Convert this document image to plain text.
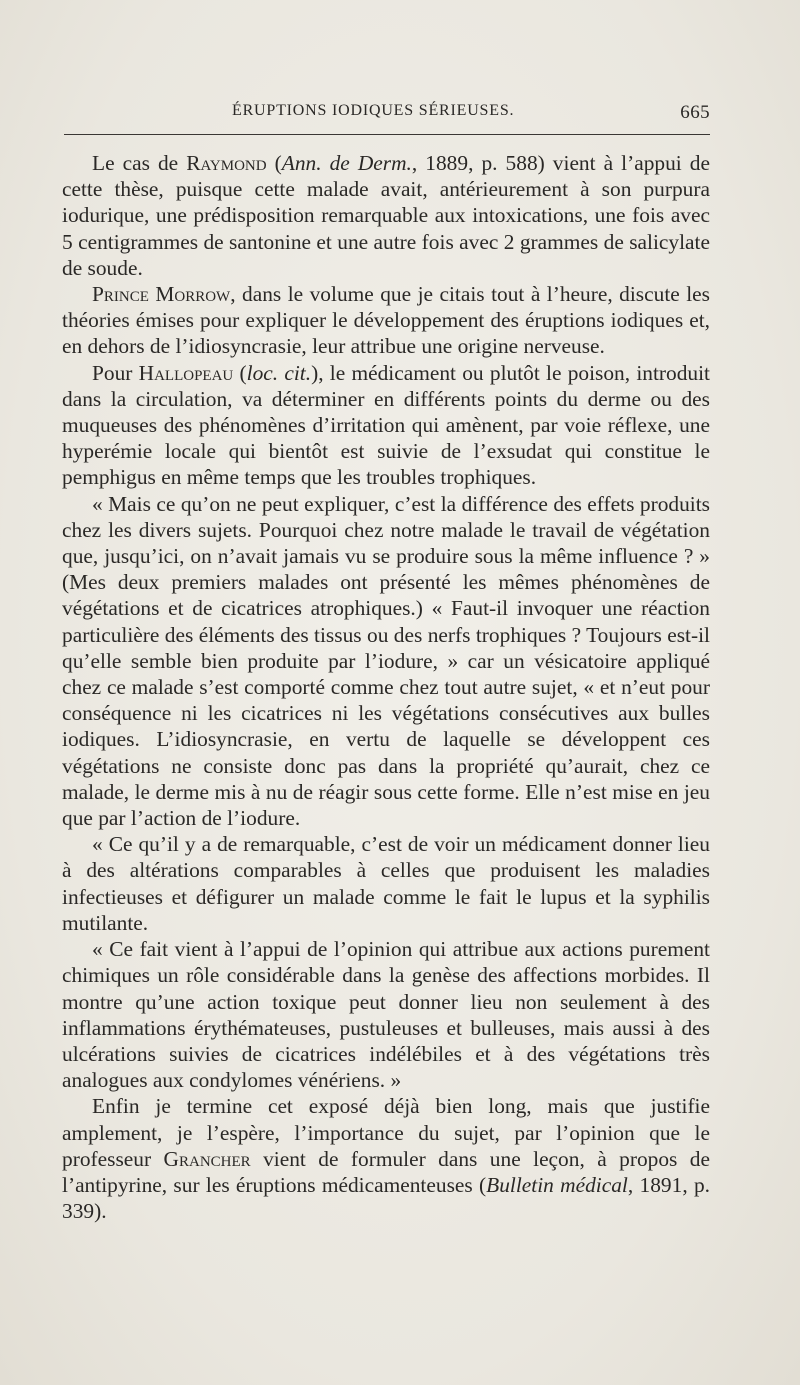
ÉRUPTIONS IODIQUES SÉRIEUSES.	665

Le cas de Raymond (Ann. de Derm., 1889, p. 588) vient à l’appui de cette thèse, puisque cette malade avait, antérieurement à son purpura iodurique, une prédisposition remarquable aux intoxications, une fois avec 5 centigrammes de santonine et une autre fois avec 2 grammes de salicylate de soude.

Prince Morrow, dans le volume que je citais tout à l’heure, discute les théories émises pour expliquer le développement des éruptions iodiques et, en dehors de l’idiosyncrasie, leur attribue une origine nerveuse.

Pour Hallopeau (loc. cit.), le médicament ou plutôt le poison, introduit dans la circulation, va déterminer en différents points du derme ou des muqueuses des phénomènes d’irritation qui amènent, par voie réflexe, une hyperémie locale qui bientôt est suivie de l’exsudat qui constitue le pemphigus en même temps que les troubles trophiques.

« Mais ce qu’on ne peut expliquer, c’est la différence des effets produits chez les divers sujets. Pourquoi chez notre malade le travail de végétation que, jusqu’ici, on n’avait jamais vu se produire sous la même influence ? » (Mes deux premiers malades ont présenté les mêmes phénomènes de végétations et de cicatrices atrophiques.) « Faut-il invoquer une réaction particulière des éléments des tissus ou des nerfs trophiques ? Toujours est-il qu’elle semble bien produite par l’iodure, » car un vésicatoire appliqué chez ce malade s’est comporté comme chez tout autre sujet, « et n’eut pour conséquence ni les cicatrices ni les végétations consécutives aux bulles iodiques. L’idiosyncrasie, en vertu de laquelle se développent ces végétations ne consiste donc pas dans la propriété qu’aurait, chez ce malade, le derme mis à nu de réagir sous cette forme. Elle n’est mise en jeu que par l’action de l’iodure.

« Ce qu’il y a de remarquable, c’est de voir un médicament donner lieu à des altérations comparables à celles que produisent les maladies infectieuses et défigurer un malade comme le fait le lupus et la syphilis mutilante.

« Ce fait vient à l’appui de l’opinion qui attribue aux actions purement chimiques un rôle considérable dans la genèse des affections morbides. Il montre qu’une action toxique peut donner lieu non seulement à des inflammations érythémateuses, pustuleuses et bulleuses, mais aussi à des ulcérations suivies de cicatrices indélébiles et à des végétations très analogues aux condylomes vénériens. »

Enfin je termine cet exposé déjà bien long, mais que justifie amplement, je l’espère, l’importance du sujet, par l’opinion que le professeur Grancher vient de formuler dans une leçon, à propos de l’antipyrine, sur les éruptions médicamenteuses (Bulletin médical, 1891, p. 339).
